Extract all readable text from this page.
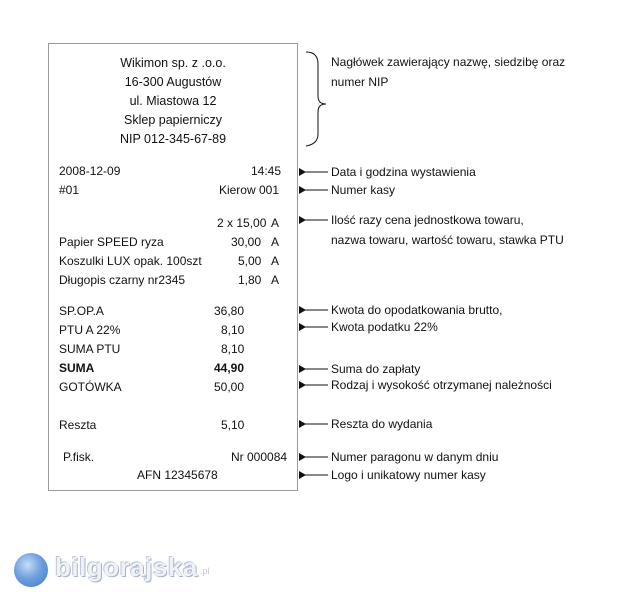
Wikimon sp. z .o.o.
16-300 Augustów
ul. Miastowa 12
Sklep papierniczy
NIP 012-345-67-89
2008-12-09	14:45
#01	Kierow 001
2 x 15,00 A
Papier SPEED ryza	30,00 A
Koszulki LUX opak. 100szt	5,00 A
Długopis czarny nr2345	1,80 A
SP.OP.A	36,80
PTU A 22%	8,10
SUMA PTU	8,10
SUMA	44,90
GOTÓWKA	50,00
Reszta	5,10
P.fisk.	Nr 000084
AFN 12345678
Nagłówek zawierający nazwę, siedzibę oraz
numer NIP
Data i godzina wystawienia
Numer kasy
Ilość razy cena jednostkowa towaru,
nazwa towaru, wartość towaru, stawka PTU
Kwota do opodatkowania brutto,
Kwota podatku 22%
Suma do zapłaty
Rodzaj i wysokość otrzymanej należności
Reszta do wydania
Numer paragonu w danym dniu
Logo i unikatowy numer kasy
bilgorajska .pl
